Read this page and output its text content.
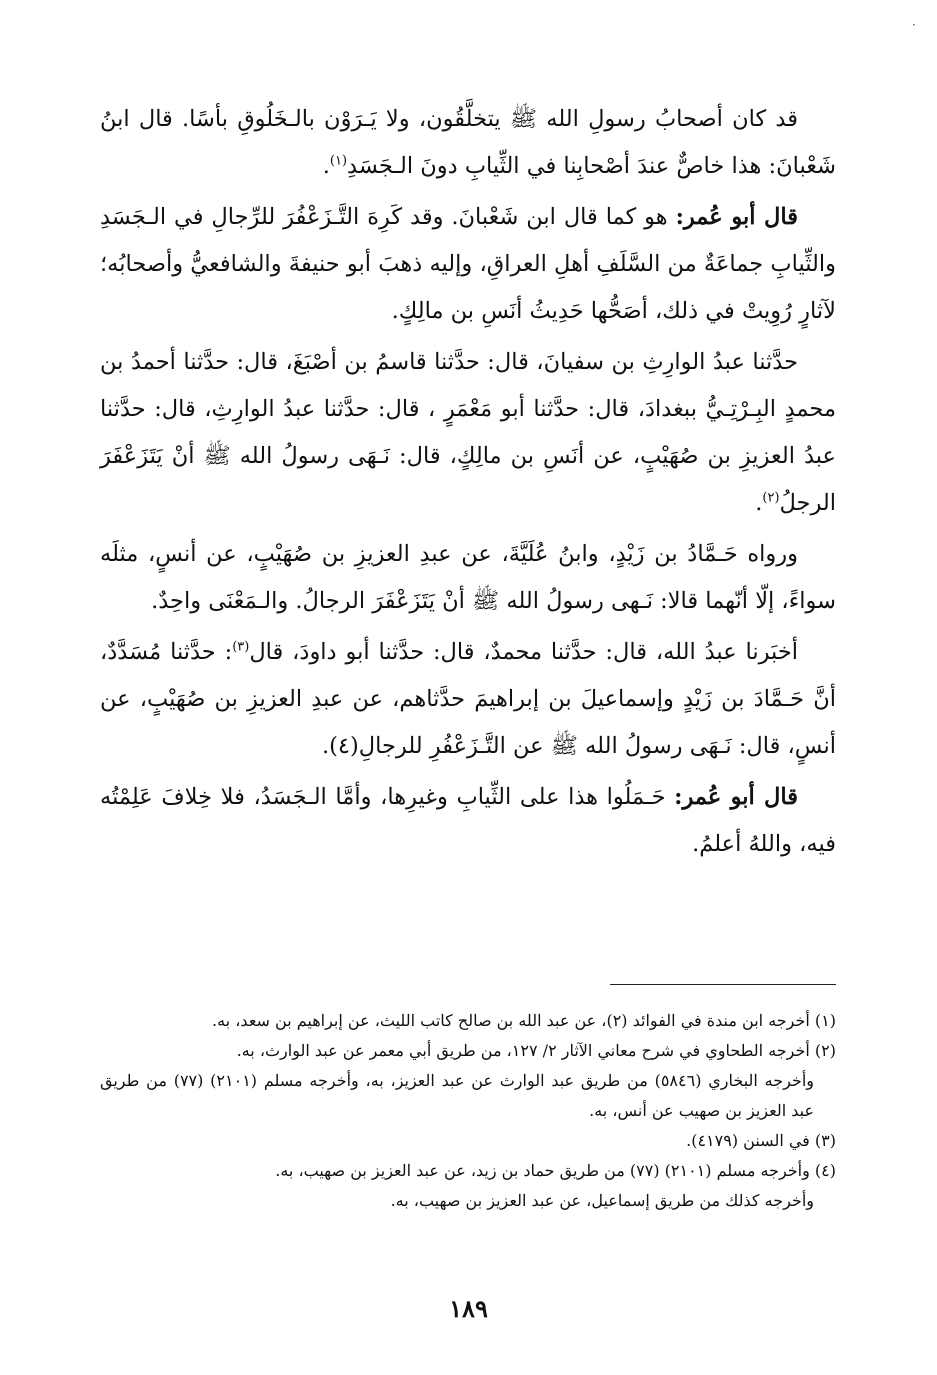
·

قد كان أصحابُ رسولِ الله ﷺ يتخلَّقُون، ولا يَـرَوْن بالـخَلُوقِ بأسًا. قال ابنُ شَعْبانَ: هذا خاصٌّ عندَ أصْحابِنا في الثِّيابِ دونَ الـجَسَدِ$^{(١)}$.

قال أبو عُمر: هو كما قال ابن شَعْبانَ. وقد كَرِهَ التَّـزَعْفُرَ للرِّجالِ في الـجَسَدِ والثِّيابِ جماعَةٌ من السَّلَفِ أهلِ العراقِ، وإليه ذهبَ أبو حنيفةَ والشافعيُّ وأصحابُه؛ لآثارٍ رُوِيتْ في ذلك، أصَحُّها حَدِيثُ أنَسِ بن مالِكٍ.

حدَّثنا عبدُ الوارِثِ بن سفيانَ، قال: حدَّثنا قاسمُ بن أصْبَغَ، قال: حدَّثنا أحمدُ بن محمدٍ البِـرْتِـيُّ ببغدادَ، قال: حدَّثنا أبو مَعْمَرٍ ، قال: حدَّثنا عبدُ الوارِثِ، قال: حدَّثنا عبدُ العزيزِ بن صُهَيْبٍ، عن أنَسِ بن مالِكٍ، قال: نَـهَى رسولُ الله ﷺ أنْ يَتَزَعْفَرَ الرجلُ$^{(٢)}$.

ورواه حَـمَّادُ بن زَيْدٍ، وابنُ عُلَيَّةَ، عن عبدِ العزيزِ بن صُهَيْبٍ، عن أنسٍ، مثلَه سواءً، إلّا أنّهما قالا: نَـهى رسولُ الله ﷺ أنْ يَتَزَعْفَرَ الرجالُ. والـمَعْنَى واحِدٌ.

أخبَرنا عبدُ الله، قال: حدَّثنا محمدٌ، قال: حدَّثنا أبو داودَ، قال$^{(٣)}$: حدَّثنا مُسَدَّدٌ، أنَّ حَـمَّادَ بن زَيْدٍ وإسماعيلَ بن إبراهيمَ حدَّثاهم، عن عبدِ العزيزِ بن صُهَيْبٍ، عن أنسٍ، قال: نَـهَى رسولُ الله ﷺ عن التَّـزَعْفُرِ للرجالِ(٤).

قال أبو عُمر: حَـمَلُوا هذا على الثِّيابِ وغيرِها، وأمَّا الـجَسَدُ، فلا خِلافَ عَلِمْتُه فيه، واللهُ أعلمُ.

(١) أخرجه ابن مندة في الفوائد (٢)، عن عبد الله بن صالح كاتب الليث، عن إبراهيم بن سعد، به.

(٢) أخرجه الطحاوي في شرح معاني الآثار ٢/ ١٢٧، من طريق أبي معمر عن عبد الوارث، به.

وأخرجه البخاري (٥٨٤٦) من طريق عبد الوارث عن عبد العزيز، به، وأخرجه مسلم (٢١٠١) (٧٧) من طريق عبد العزيز بن صهيب عن أنس، به.

(٣) في السنن (٤١٧٩).

(٤) وأخرجه مسلم (٢١٠١) (٧٧) من طريق حماد بن زيد، عن عبد العزيز بن صهيب، به.

وأخرجه كذلك من طريق إسماعيل، عن عبد العزيز بن صهيب، به.

١٨٩
